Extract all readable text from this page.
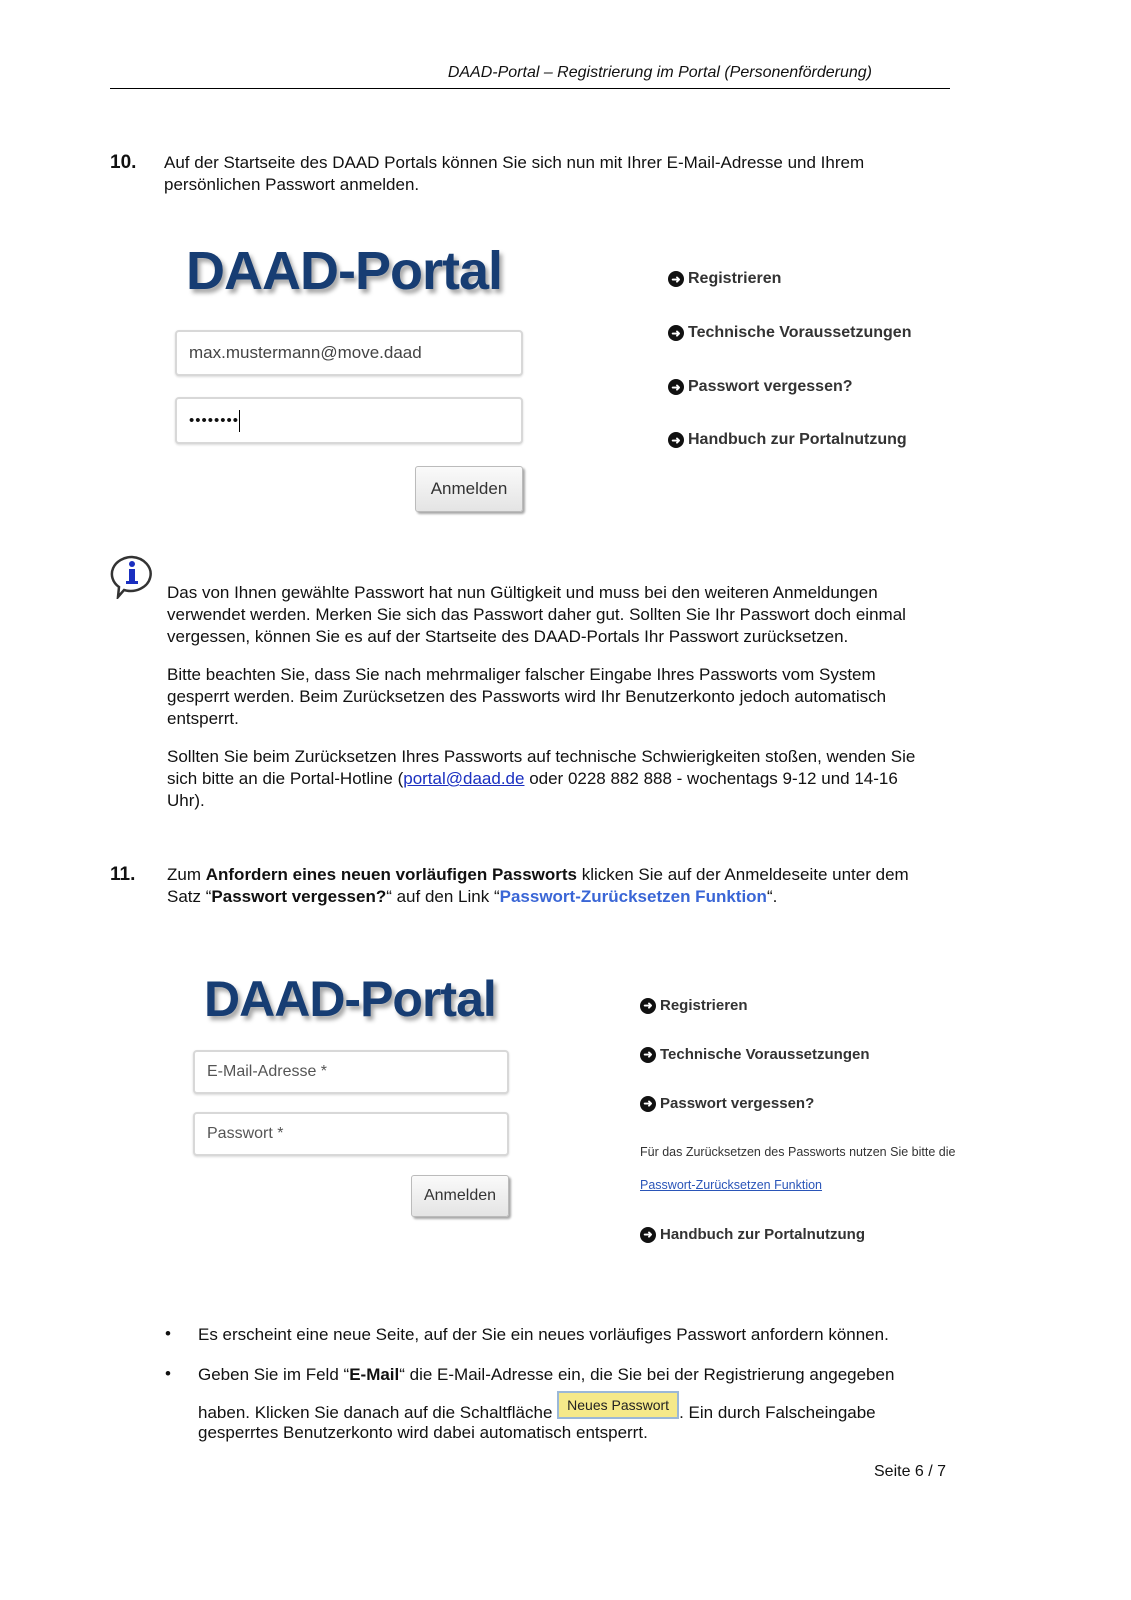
DAAD-Portal – Registrierung im Portal (Personenförderung)
10. Auf der Startseite des DAAD Portals können Sie sich nun mit Ihrer E-Mail-Adresse und Ihrem
persönlichen Passwort anmelden.
DAAD-Portal
max.mustermann@move.daad
••••••••
Anmelden
➜ Registrieren
➜ Technische Voraussetzungen
➜ Passwort vergessen?
➜ Handbuch zur Portalnutzung
Das von Ihnen gewählte Passwort hat nun Gültigkeit und muss bei den weiteren Anmeldungen
verwendet werden. Merken Sie sich das Passwort daher gut. Sollten Sie Ihr Passwort doch einmal
vergessen, können Sie es auf der Startseite des DAAD-Portals Ihr Passwort zurücksetzen.
Bitte beachten Sie, dass Sie nach mehrmaliger falscher Eingabe Ihres Passworts vom System
gesperrt werden. Beim Zurücksetzen des Passworts wird Ihr Benutzerkonto jedoch automatisch
entsperrt.
Sollten Sie beim Zurücksetzen Ihres Passworts auf technische Schwierigkeiten stoßen, wenden Sie
sich bitte an die Portal-Hotline (portal@daad.de oder 0228 882 888 - wochentags 9-12 und 14-16
Uhr).
11. Zum Anfordern eines neuen vorläufigen Passworts klicken Sie auf der Anmeldeseite unter dem
Satz “Passwort vergessen?“ auf den Link “Passwort-Zurücksetzen Funktion“.
DAAD-Portal
E-Mail-Adresse *
Passwort *
Anmelden
➜ Registrieren
➜ Technische Voraussetzungen
➜ Passwort vergessen?
Für das Zurücksetzen des Passworts nutzen Sie bitte die
Passwort-Zurücksetzen Funktion
➜ Handbuch zur Portalnutzung
• Es erscheint eine neue Seite, auf der Sie ein neues vorläufiges Passwort anfordern können.
• Geben Sie im Feld “E-Mail“ die E-Mail-Adresse ein, die Sie bei der Registrierung angegeben
haben. Klicken Sie danach auf die Schaltfläche Neues Passwort . Ein durch Falscheingabe
gesperrtes Benutzerkonto wird dabei automatisch entsperrt.
Seite 6 / 7
